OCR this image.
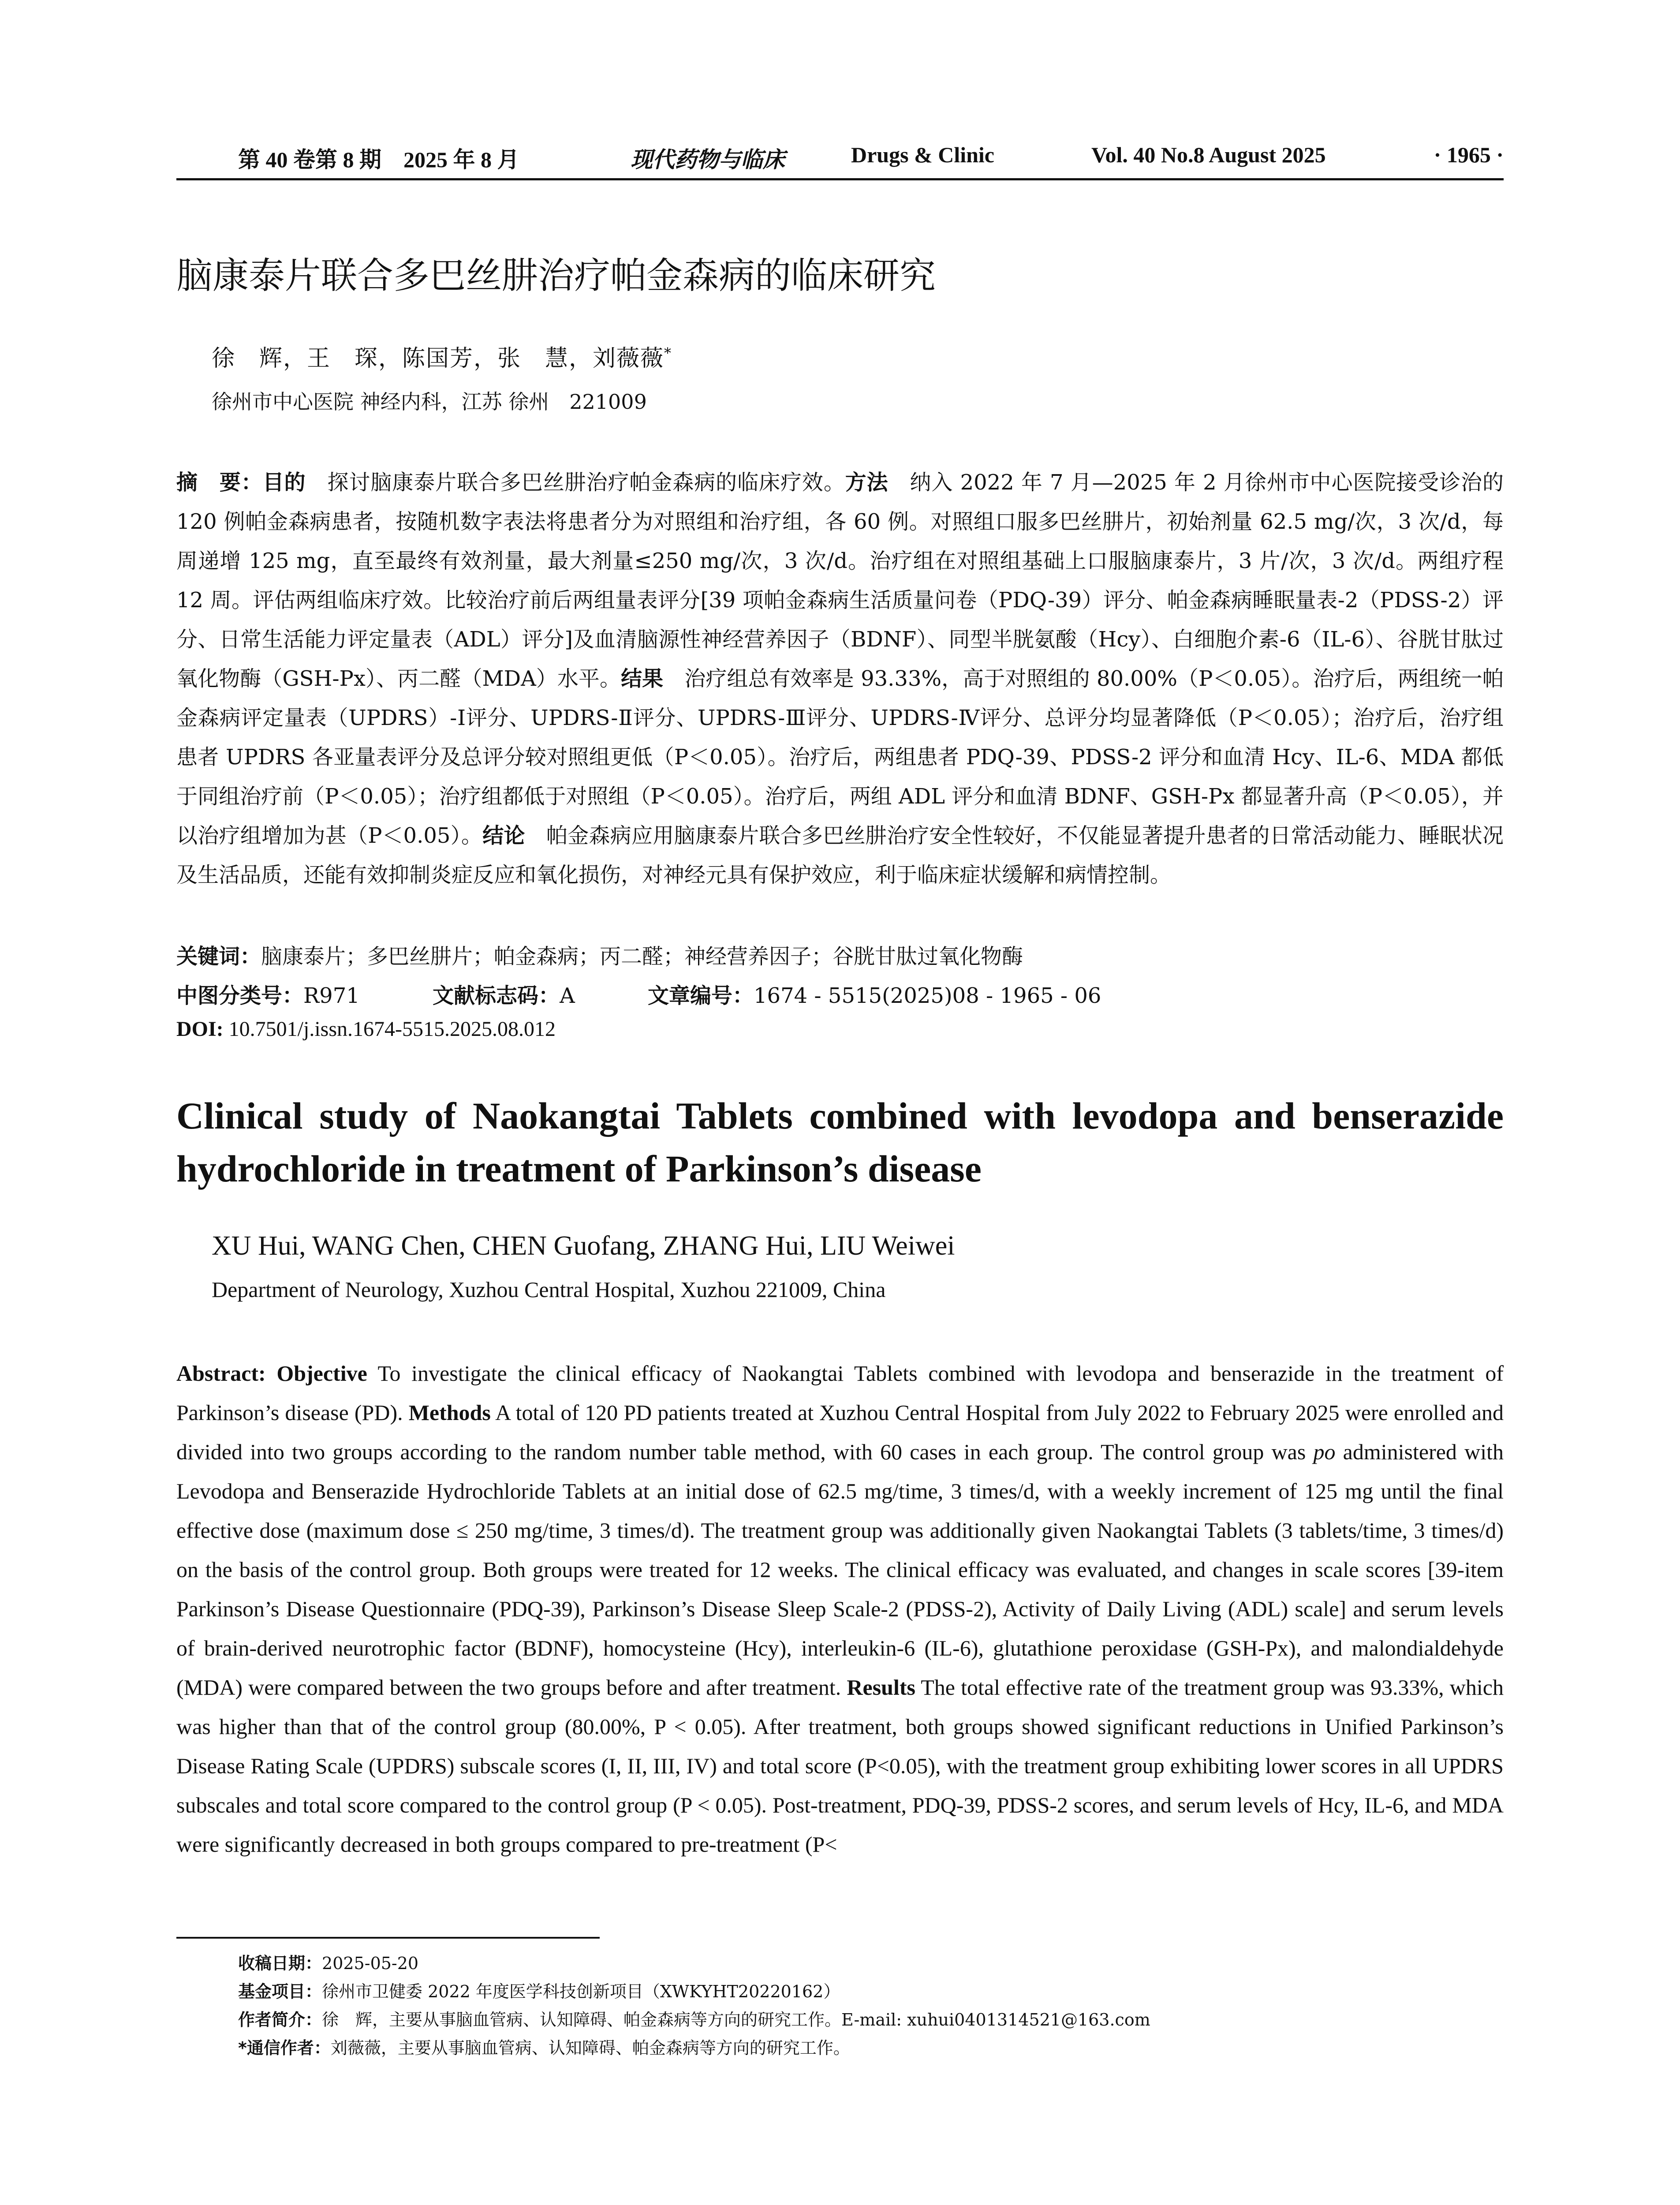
第 40 卷第 8 期　2025 年 8 月	现代药物与临床	Drugs & Clinic	Vol. 40 No.8 August 2025	· 1965 ·
脑康泰片联合多巴丝肼治疗帕金森病的临床研究
徐　辉，王　琛，陈国芳，张　慧，刘薇薇*
徐州市中心医院 神经内科，江苏 徐州　221009

摘　要：目的　探讨脑康泰片联合多巴丝肼治疗帕金森病的临床疗效。方法　纳入 2022 年 7 月—2025 年 2 月徐州市中心医院接受诊治的 120 例帕金森病患者，按随机数字表法将患者分为对照组和治疗组，各 60 例。对照组口服多巴丝肼片，初始剂量 62.5 mg/次，3 次/d，每周递增 125 mg，直至最终有效剂量，最大剂量≤250 mg/次，3 次/d。治疗组在对照组基础上口服脑康泰片，3 片/次，3 次/d。两组疗程 12 周。评估两组临床疗效。比较治疗前后两组量表评分[39 项帕金森病生活质量问卷（PDQ-39）评分、帕金森病睡眠量表-2（PDSS-2）评分、日常生活能力评定量表（ADL）评分]及血清脑源性神经营养因子（BDNF）、同型半胱氨酸（Hcy）、白细胞介素-6（IL-6）、谷胱甘肽过氧化物酶（GSH-Px）、丙二醛（MDA）水平。结果　治疗组总有效率是 93.33%，高于对照组的 80.00%（P＜0.05）。治疗后，两组统一帕金森病评定量表（UPDRS）-Ⅰ评分、UPDRS-Ⅱ评分、UPDRS-Ⅲ评分、UPDRS-Ⅳ评分、总评分均显著降低（P＜0.05）；治疗后，治疗组患者 UPDRS 各亚量表评分及总评分较对照组更低（P＜0.05）。治疗后，两组患者 PDQ-39、PDSS-2 评分和血清 Hcy、IL-6、MDA 都低于同组治疗前（P＜0.05）；治疗组都低于对照组（P＜0.05）。治疗后，两组 ADL 评分和血清 BDNF、GSH-Px 都显著升高（P＜0.05），并以治疗组增加为甚（P＜0.05）。结论　帕金森病应用脑康泰片联合多巴丝肼治疗安全性较好，不仅能显著提升患者的日常活动能力、睡眠状况及生活品质，还能有效抑制炎症反应和氧化损伤，对神经元具有保护效应，利于临床症状缓解和病情控制。

关键词：脑康泰片；多巴丝肼片；帕金森病；丙二醛；神经营养因子；谷胱甘肽过氧化物酶
中图分类号：R971	文献标志码：A	文章编号：1674 - 5515(2025)08 - 1965 - 06
DOI: 10.7501/j.issn.1674-5515.2025.08.012

Clinical study of Naokangtai Tablets combined with levodopa and benserazide hydrochloride in treatment of Parkinson’s disease

XU Hui, WANG Chen, CHEN Guofang, ZHANG Hui, LIU Weiwei
Department of Neurology, Xuzhou Central Hospital, Xuzhou 221009, China

Abstract: Objective To investigate the clinical efficacy of Naokangtai Tablets combined with levodopa and benserazide in the treatment of Parkinson’s disease (PD). Methods A total of 120 PD patients treated at Xuzhou Central Hospital from July 2022 to February 2025 were enrolled and divided into two groups according to the random number table method, with 60 cases in each group. The control group was po administered with Levodopa and Benserazide Hydrochloride Tablets at an initial dose of 62.5 mg/time, 3 times/d, with a weekly increment of 125 mg until the final effective dose (maximum dose ≤ 250 mg/time, 3 times/d). The treatment group was additionally given Naokangtai Tablets (3 tablets/time, 3 times/d) on the basis of the control group. Both groups were treated for 12 weeks. The clinical efficacy was evaluated, and changes in scale scores [39-item Parkinson’s Disease Questionnaire (PDQ-39), Parkinson’s Disease Sleep Scale-2 (PDSS-2), Activity of Daily Living (ADL) scale] and serum levels of brain-derived neurotrophic factor (BDNF), homocysteine (Hcy), interleukin-6 (IL-6), glutathione peroxidase (GSH-Px), and malondialdehyde (MDA) were compared between the two groups before and after treatment. Results The total effective rate of the treatment group was 93.33%, which was higher than that of the control group (80.00%, P < 0.05). After treatment, both groups showed significant reductions in Unified Parkinson’s Disease Rating Scale (UPDRS) subscale scores (I, II, III, IV) and total score (P<0.05), with the treatment group exhibiting lower scores in all UPDRS subscales and total score compared to the control group (P < 0.05). Post-treatment, PDQ-39, PDSS-2 scores, and serum levels of Hcy, IL-6, and MDA were significantly decreased in both groups compared to pre-treatment (P<

收稿日期：2025-05-20
基金项目：徐州市卫健委 2022 年度医学科技创新项目（XWKYHT20220162）
作者简介：徐　辉，主要从事脑血管病、认知障碍、帕金森病等方向的研究工作。E-mail: xuhui0401314521@163.com
*通信作者：刘薇薇，主要从事脑血管病、认知障碍、帕金森病等方向的研究工作。
